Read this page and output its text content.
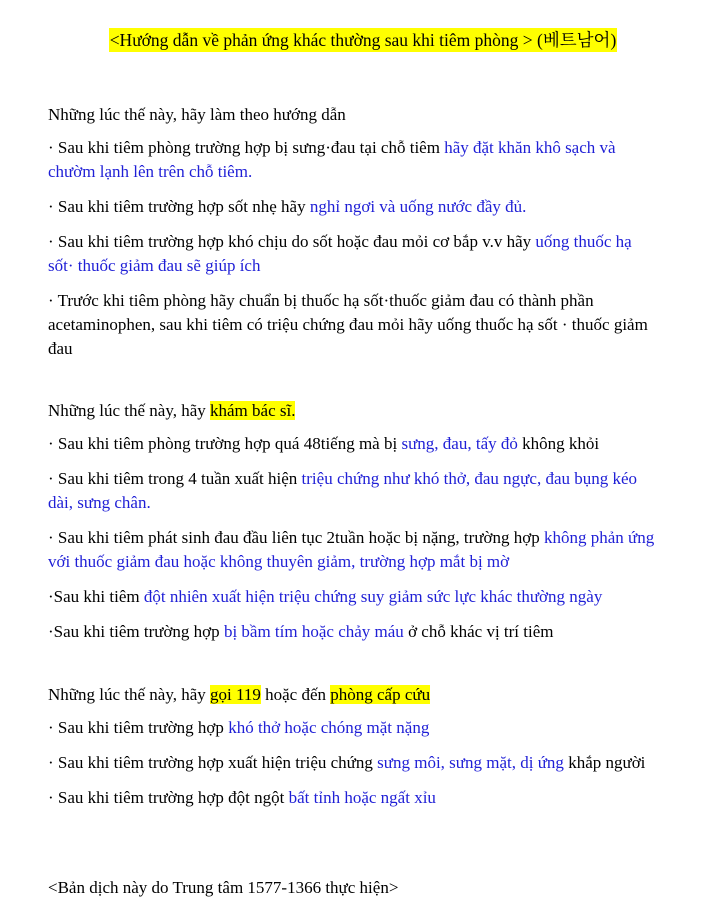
<Hướng dẫn về phản ứng khác thường sau khi tiêm phòng > (베트남어)

Những lúc thế này, hãy làm theo hướng dẫn

· Sau khi tiêm phòng trường hợp bị sưng·đau tại chỗ tiêm hãy đặt khăn khô sạch và chườm lạnh lên trên chỗ tiêm.

· Sau khi tiêm trường hợp sốt nhẹ hãy nghỉ ngơi và uống nước đầy đủ.

· Sau khi tiêm trường hợp khó chịu do sốt hoặc đau mỏi cơ bắp v.v hãy uống thuốc hạ sốt· thuốc giảm đau sẽ giúp ích

· Trước khi tiêm phòng hãy chuẩn bị thuốc hạ sốt·thuốc giảm đau có thành phần acetaminophen, sau khi tiêm có triệu chứng đau mỏi hãy uống thuốc hạ sốt · thuốc giảm đau

Những lúc thế này, hãy khám bác sĩ.

· Sau khi tiêm phòng trường hợp quá 48tiếng mà bị sưng, đau, tấy đỏ không khỏi

· Sau khi tiêm trong 4 tuần xuất hiện triệu chứng như khó thở, đau ngực, đau bụng kéo dài, sưng chân.

· Sau khi tiêm phát sinh đau đầu liên tục 2tuần hoặc bị nặng, trường hợp không phản ứng với thuốc giảm đau hoặc không thuyên giảm, trường hợp mắt bị mờ

·Sau khi tiêm đột nhiên xuất hiện triệu chứng suy giảm sức lực khác thường ngày

·Sau khi tiêm trường hợp bị bầm tím hoặc chảy máu ở chỗ khác vị trí tiêm

Những lúc thế này, hãy gọi 119 hoặc đến phòng cấp cứu

· Sau khi tiêm trường hợp khó thở hoặc chóng mặt nặng

· Sau khi tiêm trường hợp xuất hiện triệu chứng sưng môi, sưng mặt, dị ứng khắp người

· Sau khi tiêm trường hợp đột ngột bất tỉnh hoặc ngất xỉu

<Bản dịch này do Trung tâm 1577-1366 thực hiện>
